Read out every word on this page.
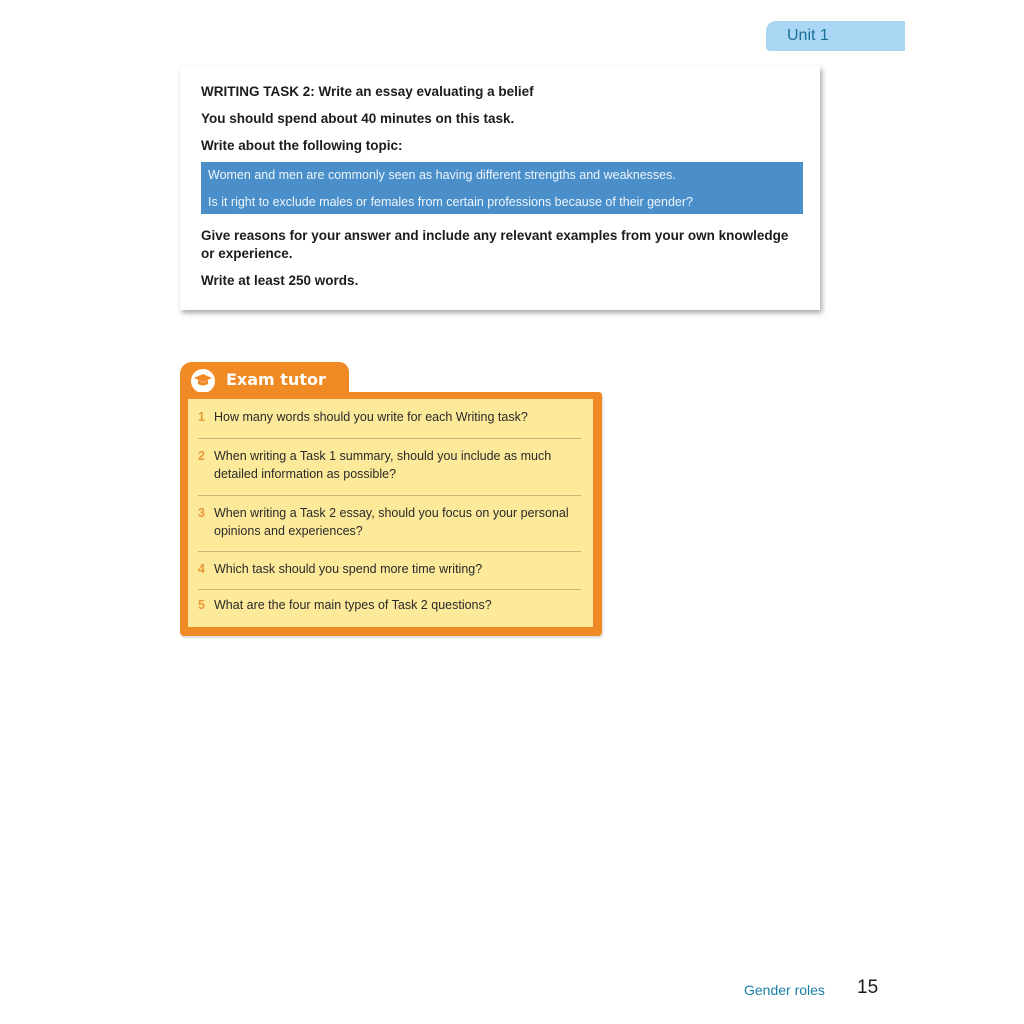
Unit 1

WRITING TASK 2: Write an essay evaluating a belief

You should spend about 40 minutes on this task.

Write about the following topic:

Women and men are commonly seen as having different strengths and weaknesses.

Is it right to exclude males or females from certain professions because of their gender?

Give reasons for your answer and include any relevant examples from your own knowledge or experience.

Write at least 250 words.

Exam tutor
1 How many words should you write for each Writing task?
2 When writing a Task 1 summary, should you include as much detailed information as possible?
3 When writing a Task 2 essay, should you focus on your personal opinions and experiences?
4 Which task should you spend more time writing?
5 What are the four main types of Task 2 questions?
Gender roles 15
